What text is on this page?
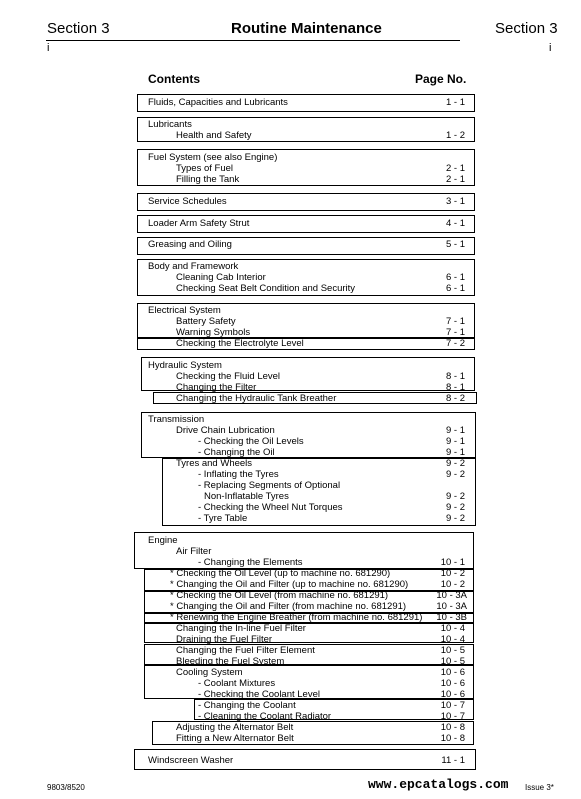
Section 3	Routine Maintenance	Section 3
i	i
Contents	Page No.
Fluids, Capacities and Lubricants	1 - 1
Lubricants
Health and Safety	1 - 2
Fuel System (see also Engine)
Types of Fuel	2 - 1
Filling the Tank	2 - 1
Service Schedules	3 - 1
Loader Arm Safety Strut	4 - 1
Greasing and Oiling	5 - 1
Body and Framework
Cleaning Cab Interior	6 - 1
Checking Seat Belt Condition and Security	6 - 1
Electrical System
Battery Safety	7 - 1
Warning Symbols	7 - 1
Checking the Electrolyte Level	7 - 2
Hydraulic System
Checking the Fluid Level	8 - 1
Changing the Filter	8 - 1
Changing the Hydraulic Tank Breather	8 - 2
Transmission
Drive Chain Lubrication	9 - 1
- Checking the Oil Levels	9 - 1
- Changing the Oil	9 - 1
Tyres and Wheels	9 - 2
- Inflating the Tyres	9 - 2
- Replacing Segments of Optional
Non-Inflatable Tyres	9 - 2
- Checking the Wheel Nut Torques	9 - 2
- Tyre Table	9 - 2
Engine
Air Filter
- Changing the Elements	10 - 1
* Checking the Oil Level (up to machine no. 681290)	10 - 2
* Changing the Oil and Filter (up to machine no. 681290)	10 - 2
* Checking the Oil Level (from machine no. 681291)	10 - 3A
* Changing the Oil and Filter (from machine no. 681291)	10 - 3A
* Renewing the Engine Breather (from machine no. 681291) 10 - 3B
Changing the In-line Fuel Filter	10 - 4
Draining the Fuel Filter	10 - 4
Changing the Fuel Filter Element	10 - 5
Bleeding the Fuel System	10 - 5
Cooling System	10 - 6
- Coolant Mixtures	10 - 6
- Checking the Coolant Level	10 - 6
- Changing the Coolant	10 - 7
- Cleaning the Coolant Radiator	10 - 7
Adjusting the Alternator Belt	10 - 8
Fitting a New Alternator Belt	10 - 8
Windscreen Washer	11 - 1
9803/8520	www.epcatalogs.com Issue 3*
